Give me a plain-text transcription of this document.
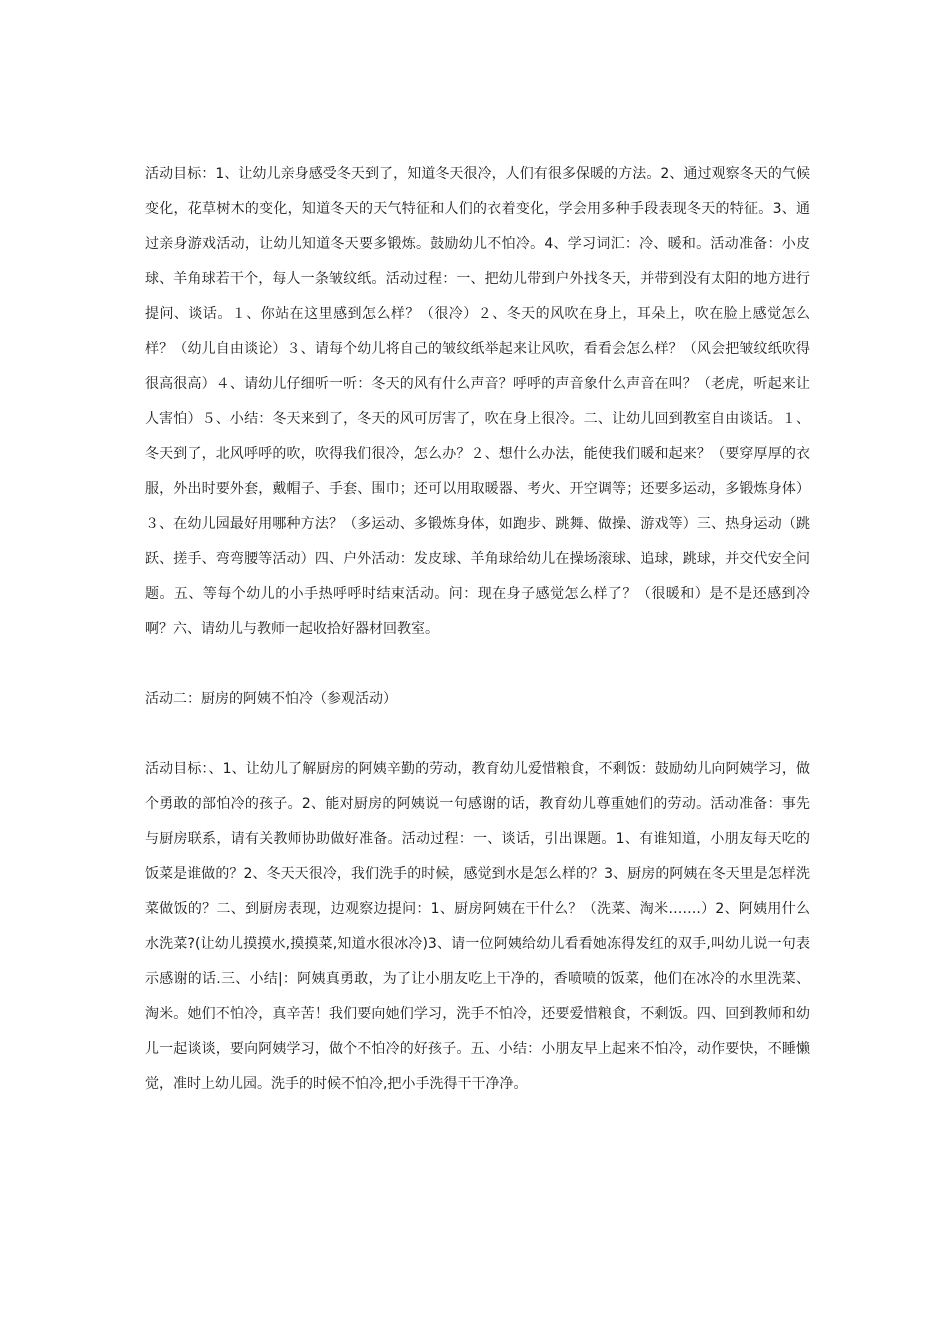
活动目标：1、让幼儿亲身感受冬天到了，知道冬天很冷，人们有很多保暖的方法。2、通过观察冬天的气候变化，花草树木的变化，知道冬天的天气特征和人们的衣着变化，学会用多种手段表现冬天的特征。3、通过亲身游戏活动，让幼儿知道冬天要多锻炼。鼓励幼儿不怕冷。4、学习词汇：冷、暖和。活动准备：小皮球、羊角球若干个，每人一条皱纹纸。活动过程：一、把幼儿带到户外找冬天，并带到没有太阳的地方进行提问、谈话。１、你站在这里感到怎么样？（很冷）２、冬天的风吹在身上，耳朵上，吹在脸上感觉怎么样？（幼儿自由谈论）３、请每个幼儿将自己的皱纹纸举起来让风吹，看看会怎么样？（风会把皱纹纸吹得很高很高）４、请幼儿仔细听一听：冬天的风有什么声音？呼呼的声音象什么声音在叫？（老虎，听起来让人害怕）５、小结：冬天来到了，冬天的风可厉害了，吹在身上很冷。二、让幼儿回到教室自由谈话。１、冬天到了，北风呼呼的吹，吹得我们很冷，怎么办？２、想什么办法，能使我们暖和起来？（要穿厚厚的衣服，外出时要外套，戴帽子、手套、围巾；还可以用取暖器、考火、开空调等；还要多运动，多锻炼身体）３、在幼儿园最好用哪种方法？（多运动、多锻炼身体，如跑步、跳舞、做操、游戏等）三、热身运动（跳跃、搓手、弯弯腰等活动）四、户外活动：发皮球、羊角球给幼儿在操场滚球、追球，跳球，并交代安全问题。五、等每个幼儿的小手热呼呼时结束活动。问：现在身子感觉怎么样了？（很暖和）是不是还感到冷啊？六、请幼儿与教师一起收拾好器材回教室。

活动二：厨房的阿姨不怕冷（参观活动）

活动目标：、1、让幼儿了解厨房的阿姨辛勤的劳动，教育幼儿爱惜粮食，不剩饭：鼓励幼儿向阿姨学习，做个勇敢的部怕冷的孩子。2、能对厨房的阿姨说一句感谢的话，教育幼儿尊重她们的劳动。活动准备：事先与厨房联系，请有关教师协助做好准备。活动过程：一、谈话，引出课题。1、有谁知道，小朋友每天吃的饭菜是谁做的？2、冬天天很冷，我们洗手的时候，感觉到水是怎么样的？3、厨房的阿姨在冬天里是怎样洗菜做饭的？二、到厨房表现，边观察边提问：1、厨房阿姨在干什么？（洗菜、淘米…….）2、阿姨用什么水洗菜?(让幼儿摸摸水,摸摸菜,知道水很冰冷)3、请一位阿姨给幼儿看看她冻得发红的双手,叫幼儿说一句表示感谢的话.三、小结|：阿姨真勇敢，为了让小朋友吃上干净的，香喷喷的饭菜，他们在冰冷的水里洗菜、淘米。她们不怕冷，真辛苦！我们要向她们学习，洗手不怕冷，还要爱惜粮食，不剩饭。四、回到教师和幼儿一起谈谈，要向阿姨学习，做个不怕冷的好孩子。五、小结：小朋友早上起来不怕冷，动作要快，不睡懒觉，准时上幼儿园。洗手的时候不怕冷,把小手洗得干干净净。
